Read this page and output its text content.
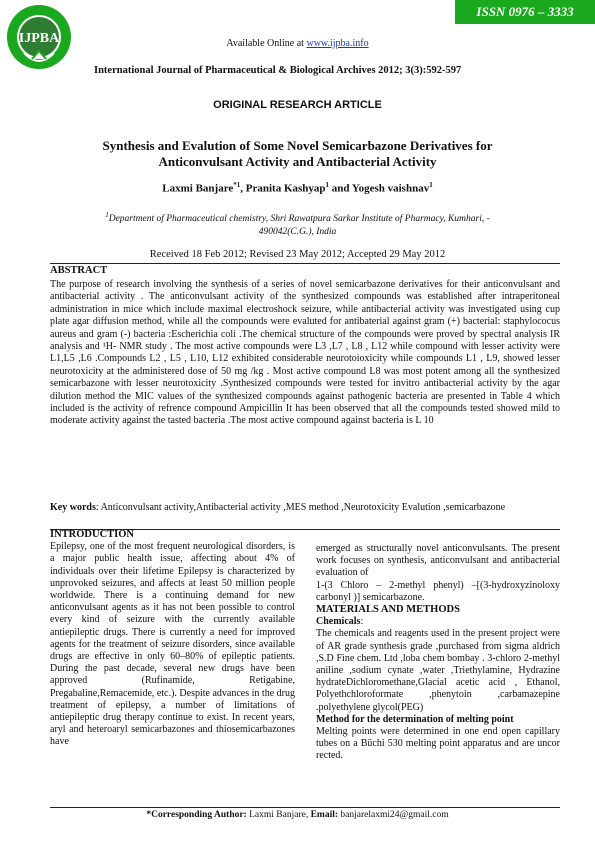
ISSN 0976 – 3333
IJPBA	Available Online at www.ijpba.info
International Journal of Pharmaceutical & Biological Archives 2012; 3(3):592-597
ORIGINAL RESEARCH ARTICLE
Synthesis and Evalution of Some Novel Semicarbazone Derivatives for Anticonvulsant Activity and Antibacterial Activity
Laxmi Banjare$^{*1}$, Pranita Kashyap$^1$ and Yogesh vaishnav$^1$
$^1$Department of Pharmaceutical chemistry, Shri Rawatpura Sarkar Institute of Pharmacy, Kumhari, -
490042(C.G.), India
Received 18 Feb 2012; Revised 23 May 2012; Accepted 29 May 2012
ABSTRACT
The purpose of research involving the synthesis of a series of novel semicarbazone derivatives for their anticonvulsant and antibacterial activity . The anticonvulsant activity of the synthesized compounds was established after intraperitoneal administration in mice which include maximal electroshock seizure, while antibacterial activity was investigated using cup plate agar diffusion method, while all the compounds were evaluted for antibaterial against gram (+) bacterial: staphylococus aureus and gram (-) bacteria :Escherichia coli .The chemical structure of the compounds were proved by spectral analysis IR analysis and ¹H- NMR study . The most active compounds were L3 ,L7 , L8 , L12 while compound with lesser activity were L1,L5 ,L6 .Compounds L2 , L5 , L10, L12 exhibited considerable neurotoioxicity while compounds L1 , L9, showed lesser neurotoxicity at the administered dose of 50 mg /kg . Most active compound L8 was most potent among all the synthesized semicarbazone with lesser neurotoxicity .Synthesized compounds were tested for invitro antibacterial activity by the agar dilution method the MIC values of the synthesized compounds against pathogenic bacteria are presented in Table 4 which included is the activity of refrence compound Ampicillin It has been observed that all the compounds tested showed mild to moderate activity against the tasted bacteria .The most active compound against bacteria is L 10
Key words: Anticonvulsant activity,Antibacterial activity ,MES method ,Neurotoxicity Evalution ,semicarbazone
INTRODUCTION

Epilepsy, one of the most frequent neurological disorders, is a major public health issue, affecting about 4% of individuals over their lifetime Epilepsy is characterized by unprovoked seizures, and affects at least 50 million people worldwide. There is a continuing demand for new anticonvulsant agents as it has not been possible to control every kind of seizure with the currently available antiepileptic drugs. There is currently a need for improved agents for the treatment of seizure disorders, since available drugs are effective in only 60–80% of epileptic patients. During the past decade, several new drugs have been approved (Rufinamide, Retigabine, Pregabaline,Remacemide, etc.). Despite advances in the drug treatment of epilepsy, a number of limitations of antiepileptic drug therapy continue to exist. In recent years, aryl and heteroaryl semicarbazones and thiosemicarbazones have

emerged as structurally novel anticonvulsants. The present work focuses on synthesis, anticonvulsant and antibacterial evaluation of

1-(3 Chloro – 2-methyl phenyl) –[(3-hydroxyzinoloxy carbonyl )] semicarbazone.

MATERIALS AND METHODS
Chemicals:

The chemicals and reagents used in the present project were of AR grade synthesis grade ,purchased from sigma aldrich ,S.D Fine chem. Ltd ,loba chem bombay . 3-chloro 2-methyl aniline ,sodium cynate ,water ,Triethylamine, Hydrazine hydrateDichloromethane,Glacial acetic acid , Ethanol, Polyethchloroformate ,phenytoin ,carbamazepine .polyethylene glycol(PEG)

Method for the determination of melting point

Melting points were determined in one end open capillary tubes on a Büchi 530 melting point apparatus and are uncor rected.

*Corresponding Author: Laxmi Banjare, Email: banjarelaxmi24@gmail.com
